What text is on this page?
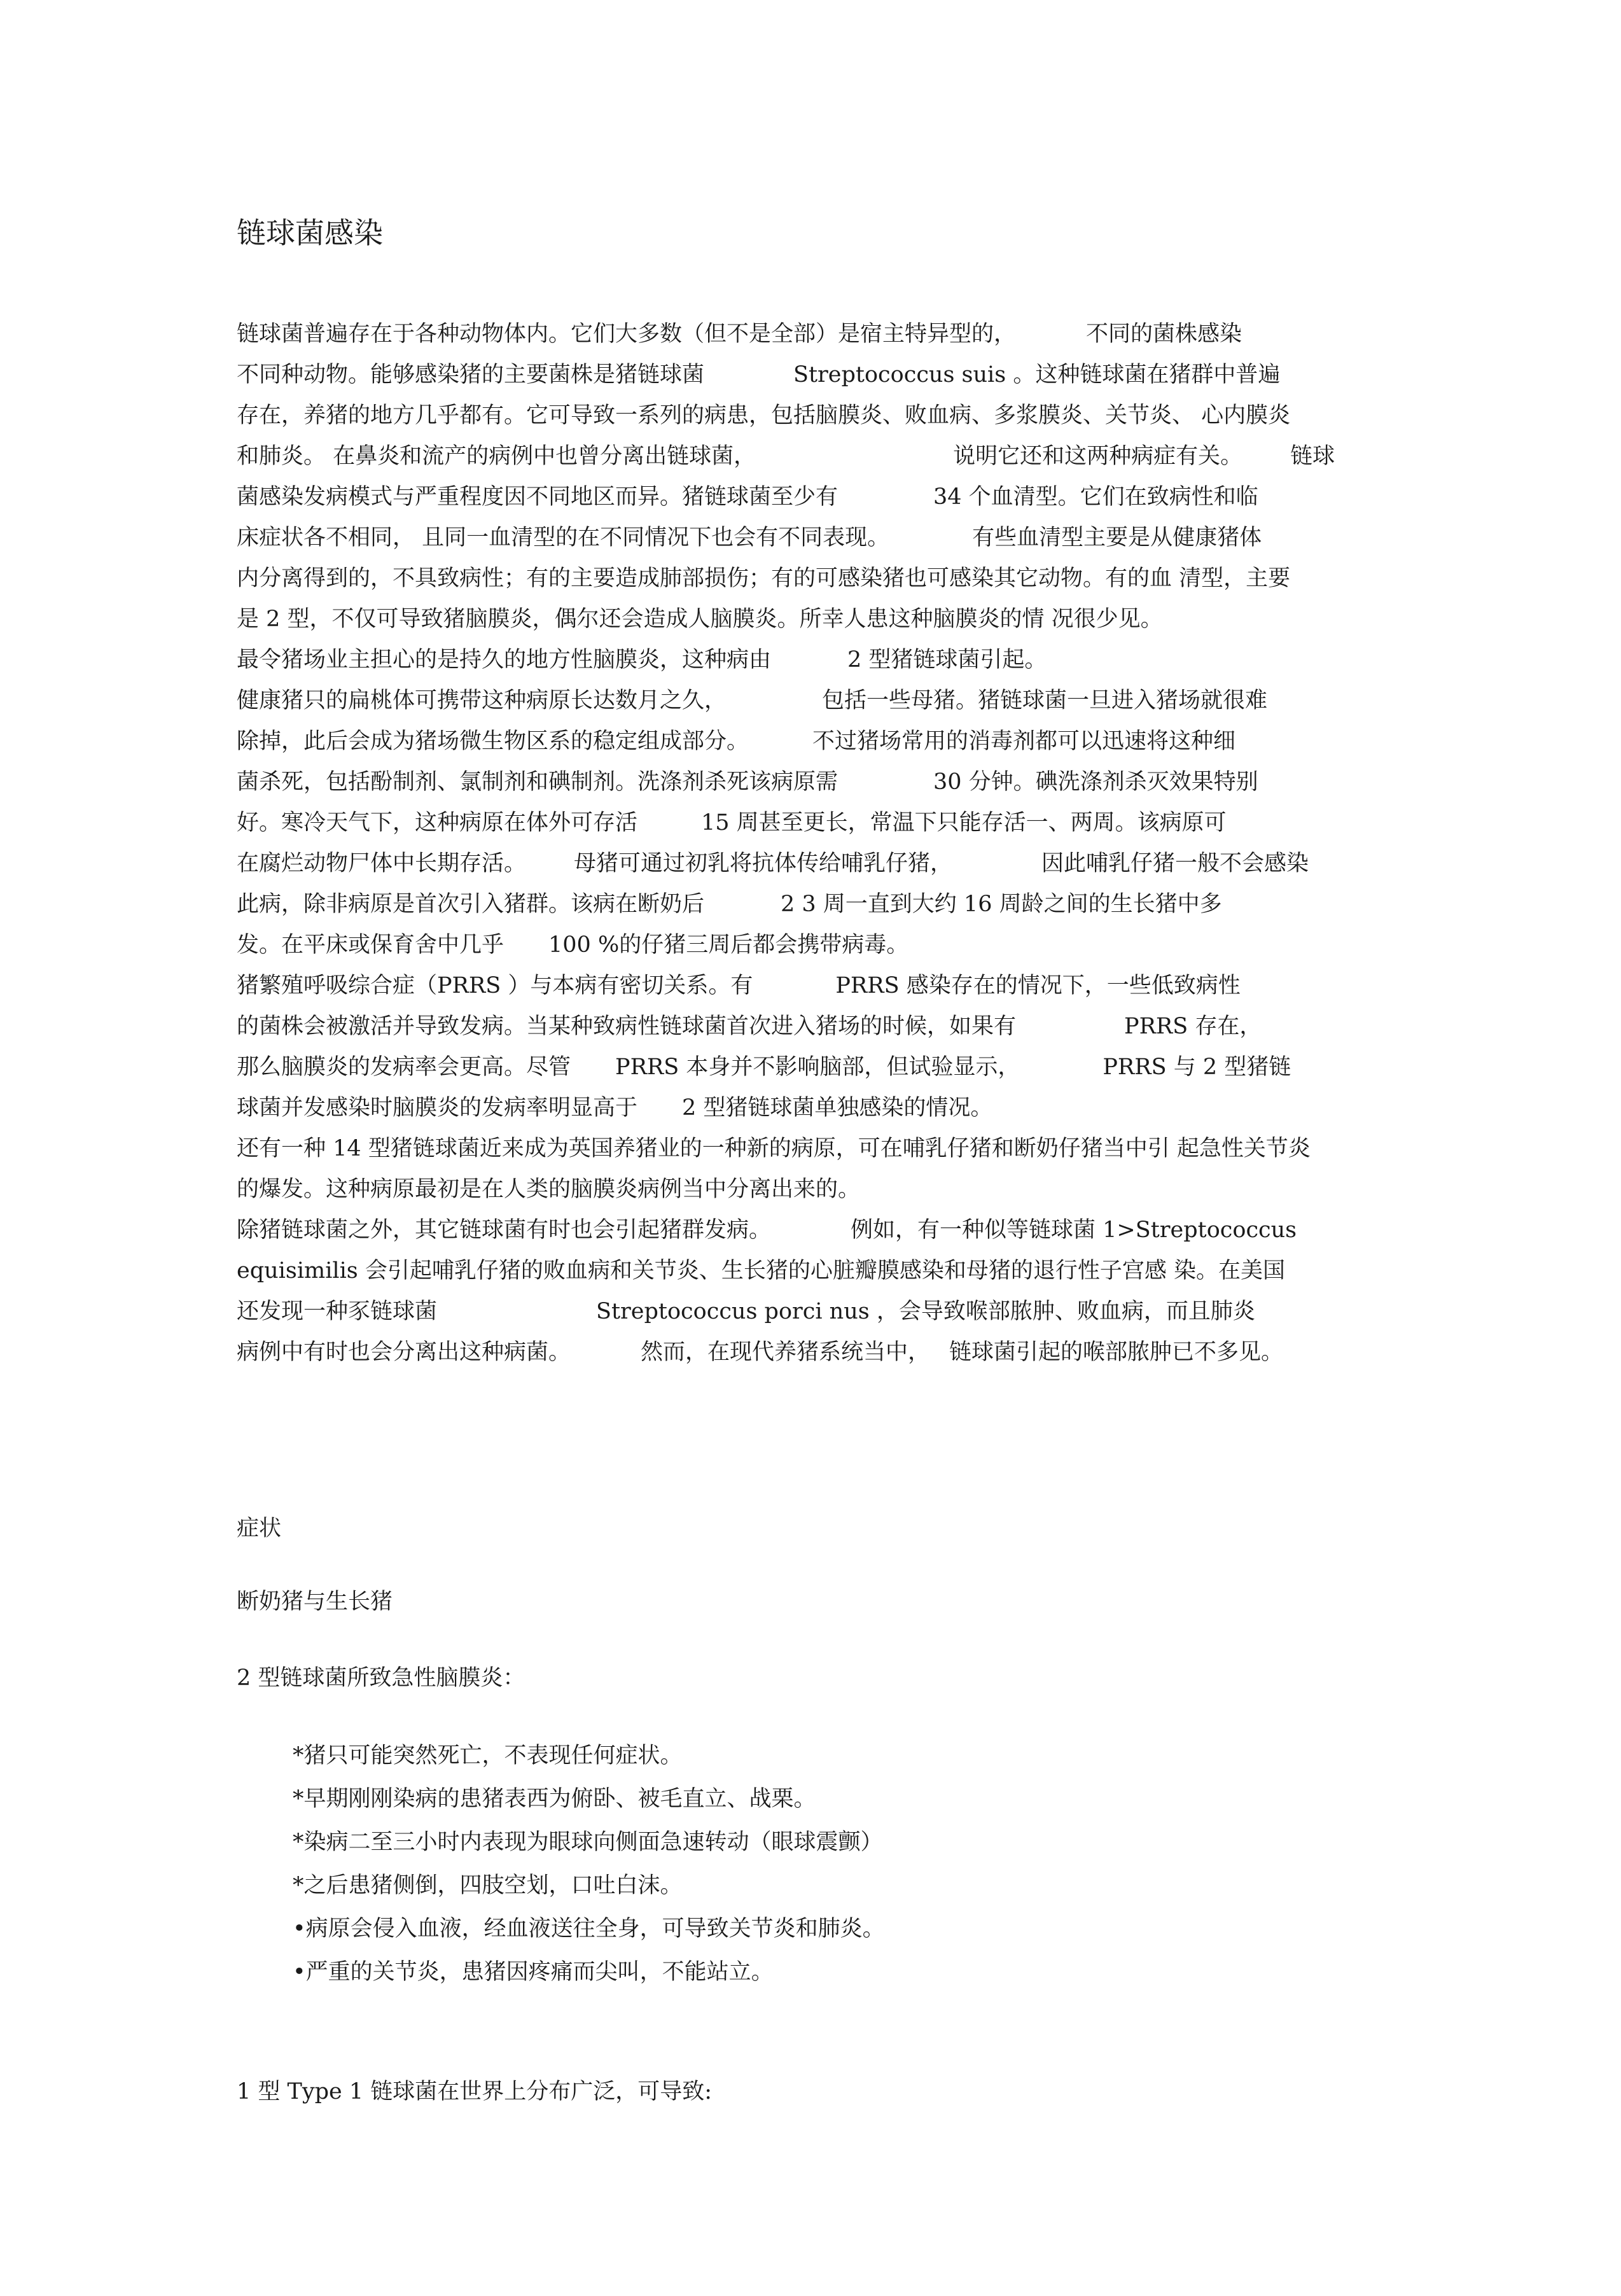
链球菌感染
链球菌普遍存在于各种动物体内。它们大多数（但不是全部）是宿主特异型的，	不同的菌株感染
不同种动物。能够感染猪的主要菌株是猪链球菌	Streptococcus suis 。这种链球菌在猪群中普遍
存在，养猪的地方几乎都有。它可导致一系列的病患，包括脑膜炎、败血病、多浆膜炎、关节炎、 心内膜炎
和肺炎。 在鼻炎和流产的病例中也曾分离出链球菌，	说明它还和这两种病症有关。 链球
菌感染发病模式与严重程度因不同地区而异。猪链球菌至少有	34 个血清型。它们在致病性和临
床症状各不相同， 且同一血清型的在不同情况下也会有不同表现。	有些血清型主要是从健康猪体
内分离得到的，不具致病性；有的主要造成肺部损伤；有的可感染猪也可感染其它动物。有的血 清型，主要
是 2 型，不仅可导致猪脑膜炎，偶尔还会造成人脑膜炎。所幸人患这种脑膜炎的情 况很少见。
最令猪场业主担心的是持久的地方性脑膜炎，这种病由	2 型猪链球菌引起。
健康猪只的扁桃体可携带这种病原长达数月之久，	包括一些母猪。猪链球菌一旦进入猪场就很难
除掉，此后会成为猪场微生物区系的稳定组成部分。	不过猪场常用的消毒剂都可以迅速将这种细
菌杀死，包括酚制剂、氯制剂和碘制剂。洗涤剂杀死该病原需	30 分钟。碘洗涤剂杀灭效果特别
好。寒冷天气下，这种病原在体外可存活	15 周甚至更长，常温下只能存活一、两周。该病原可
在腐烂动物尸体中长期存活。 母猪可通过初乳将抗体传给哺乳仔猪，	因此哺乳仔猪一般不会感染
此病，除非病原是首次引入猪群。该病在断奶后	2 3 周一直到大约 16 周龄之间的生长猪中多
发。在平床或保育舍中几乎 100 %的仔猪三周后都会携带病毒。
猪繁殖呼吸综合症（PRRS ）与本病有密切关系。有	PRRS 感染存在的情况下，一些低致病性
的菌株会被激活并导致发病。当某种致病性链球菌首次进入猪场的时候，如果有	PRRS 存在，
那么脑膜炎的发病率会更高。尽管 PRRS 本身并不影响脑部，但试验显示，	PRRS 与 2 型猪链
球菌并发感染时脑膜炎的发病率明显高于 2 型猪链球菌单独感染的情况。
还有一种 14 型猪链球菌近来成为英国养猪业的一种新的病原，可在哺乳仔猪和断奶仔猪当中引 起急性关节炎
的爆发。这种病原最初是在人类的脑膜炎病例当中分离出来的。
除猪链球菌之外，其它链球菌有时也会引起猪群发病。	例如，有一种似等链球菌 1>Streptococcus
equisimilis 会引起哺乳仔猪的败血病和关节炎、生长猪的心脏瓣膜感染和母猪的退行性子宫感 染。在美国
还发现一种豕链球菌	Streptococcus porci nus ，会导致喉部脓肿、败血病，而且肺炎
病例中有时也会分离出这种病菌。	然而，在现代养猪系统当中， 链球菌引起的喉部脓肿已不多见。
症状
断奶猪与生长猪
2 型链球菌所致急性脑膜炎：
*猪只可能突然死亡，不表现任何症状。
*早期刚刚染病的患猪表西为俯卧、被毛直立、战栗。
*染病二至三小时内表现为眼球向侧面急速转动（眼球震颤）
*之后患猪侧倒，四肢空划，口吐白沫。
•病原会侵入血液，经血液送往全身，可导致关节炎和肺炎。
•严重的关节炎，患猪因疼痛而尖叫，不能站立。
1 型 Type 1 链球菌在世界上分布广泛，可导致:
